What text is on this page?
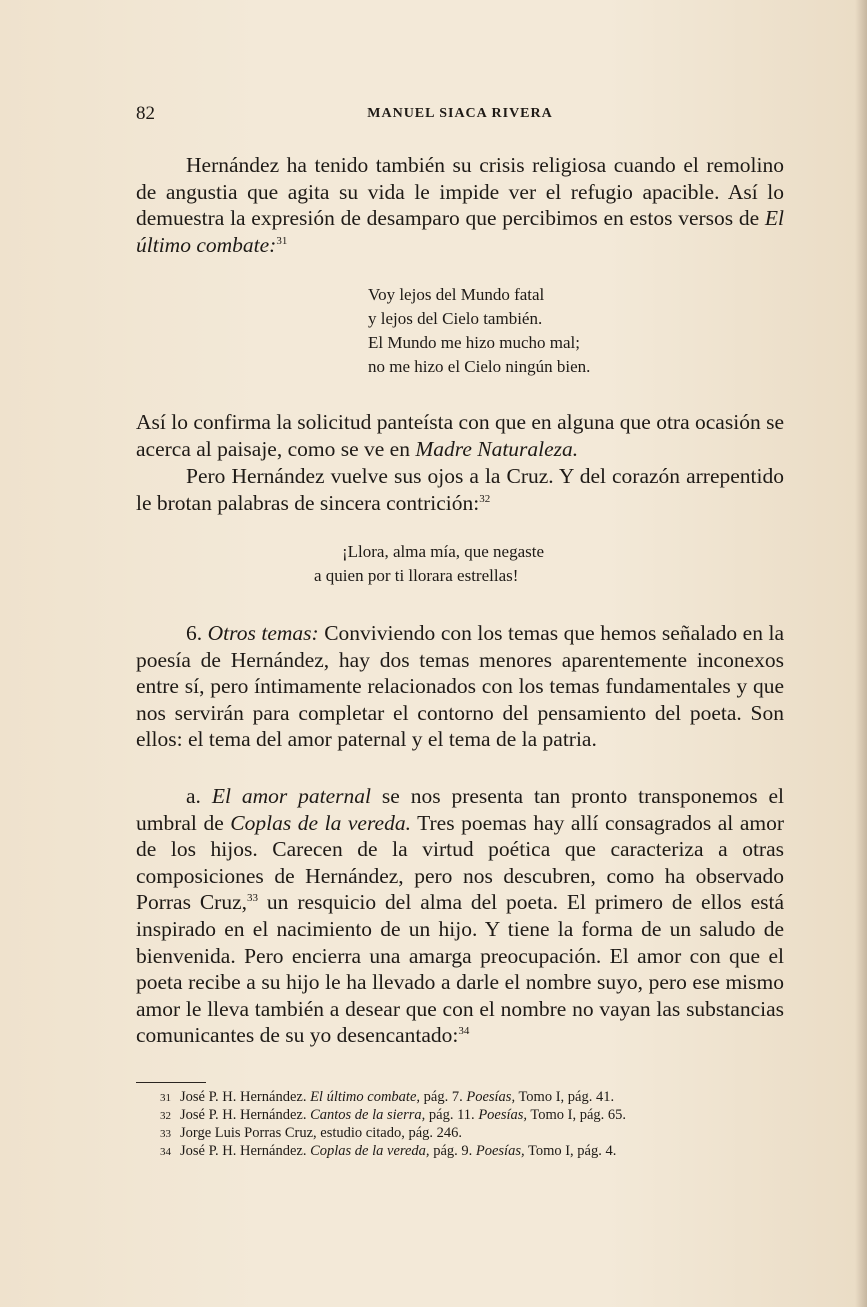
82	MANUEL SIACA RIVERA

Hernández ha tenido también su crisis religiosa cuando el remolino de angustia que agita su vida le impide ver el refugio apacible. Así lo demuestra la expresión de desamparo que percibimos en estos versos de El último combate:$^{31}$

Voy lejos del Mundo fatal
y lejos del Cielo también.
El Mundo me hizo mucho mal;
no me hizo el Cielo ningún bien.

Así lo confirma la solicitud panteísta con que en alguna que otra ocasión se acerca al paisaje, como se ve en Madre Naturaleza.

Pero Hernández vuelve sus ojos a la Cruz. Y del corazón arrepentido le brotan palabras de sincera contrición:$^{32}$

¡Llora, alma mía, que negaste
a quien por ti llorara estrellas!

6. Otros temas: Conviviendo con los temas que hemos señalado en la poesía de Hernández, hay dos temas menores aparentemente inconexos entre sí, pero íntimamente relacionados con los temas fundamentales y que nos servirán para completar el contorno del pensamiento del poeta. Son ellos: el tema del amor paternal y el tema de la patria.

a. El amor paternal se nos presenta tan pronto transponemos el umbral de Coplas de la vereda. Tres poemas hay allí consagrados al amor de los hijos. Carecen de la virtud poética que caracteriza a otras composiciones de Hernández, pero nos descubren, como ha observado Porras Cruz,$^{33}$ un resquicio del alma del poeta. El primero de ellos está inspirado en el nacimiento de un hijo. Y tiene la forma de un saludo de bienvenida. Pero encierra una amarga preocupación. El amor con que el poeta recibe a su hijo le ha llevado a darle el nombre suyo, pero ese mismo amor le lleva también a desear que con el nombre no vayan las substancias comunicantes de su yo desencantado:$^{34}$

31 José P. H. Hernández. El último combate, pág. 7. Poesías, Tomo I, pág. 41.
32 José P. H. Hernández. Cantos de la sierra, pág. 11. Poesías, Tomo I, pág. 65.
33 Jorge Luis Porras Cruz, estudio citado, pág. 246.
34 José P. H. Hernández. Coplas de la vereda, pág. 9. Poesías, Tomo I, pág. 4.
